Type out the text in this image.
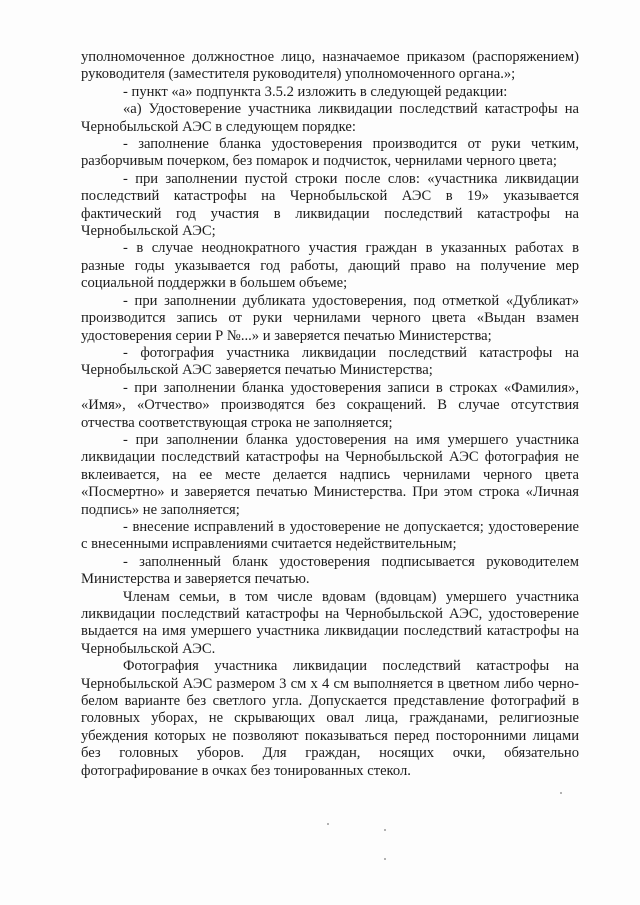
уполномоченное должностное лицо, назначаемое приказом (распоряжением) руководителя (заместителя руководителя) уполномоченного органа.»;

- пункт «а» подпункта 3.5.2 изложить в следующей редакции:

«а) Удостоверение участника ликвидации последствий катастрофы на Чернобыльской АЭС в следующем порядке:

- заполнение бланка удостоверения производится от руки четким, разборчивым почерком, без помарок и подчисток, чернилами черного цвета;

- при заполнении пустой строки после слов: «участника ликвидации последствий катастрофы на Чернобыльской АЭС в 19» указывается фактический год участия в ликвидации последствий катастрофы на Чернобыльской АЭС;

- в случае неоднократного участия граждан в указанных работах в разные годы указывается год работы, дающий право на получение мер социальной поддержки в большем объеме;

- при заполнении дубликата удостоверения, под отметкой «Дубликат» производится запись от руки чернилами черного цвета «Выдан взамен удостоверения серии Р №...» и заверяется печатью Министерства;

- фотография участника ликвидации последствий катастрофы на Чернобыльской АЭС заверяется печатью Министерства;

- при заполнении бланка удостоверения записи в строках «Фамилия», «Имя», «Отчество» производятся без сокращений. В случае отсутствия отчества соответствующая строка не заполняется;

- при заполнении бланка удостоверения на имя умершего участника ликвидации последствий катастрофы на Чернобыльской АЭС фотография не вклеивается, на ее месте делается надпись чернилами черного цвета «Посмертно» и заверяется печатью Министерства. При этом строка «Личная подпись» не заполняется;

- внесение исправлений в удостоверение не допускается; удостоверение с внесенными исправлениями считается недействительным;

- заполненный бланк удостоверения подписывается руководителем Министерства и заверяется печатью.

Членам семьи, в том числе вдовам (вдовцам) умершего участника ликвидации последствий катастрофы на Чернобыльской АЭС, удостоверение выдается на имя умершего участника ликвидации последствий катастрофы на Чернобыльской АЭС.

Фотография участника ликвидации последствий катастрофы на Чернобыльской АЭС размером 3 см х 4 см выполняется в цветном либо черно-белом варианте без светлого угла. Допускается представление фотографий в головных уборах, не скрывающих овал лица, гражданами, религиозные убеждения которых не позволяют показываться перед посторонними лицами без головных уборов. Для граждан, носящих очки, обязательно фотографирование в очках без тонированных стекол.
